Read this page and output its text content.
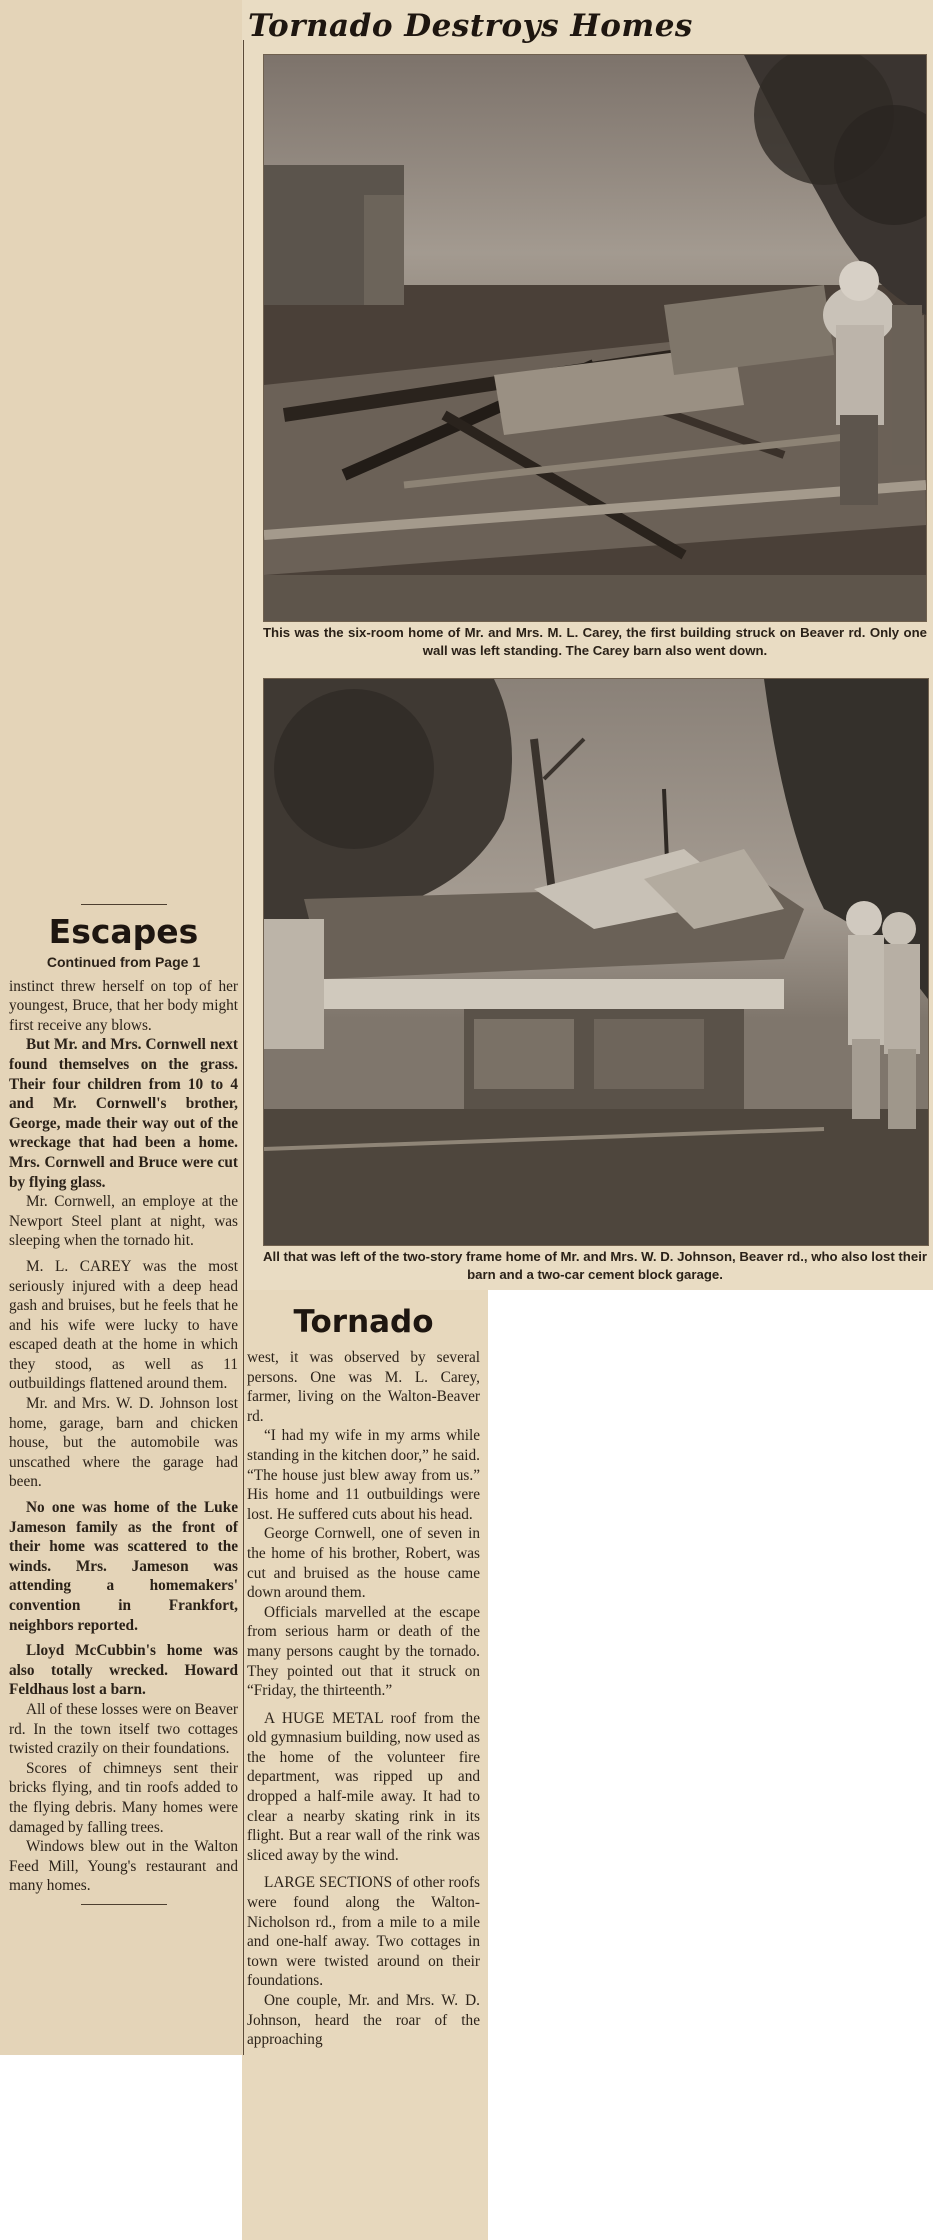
Tornado Destroys Homes

This was the six-room home of Mr. and Mrs. M. L. Carey, the first building struck on Beaver rd. Only one wall was left standing. The Carey barn also went down.

All that was left of the two-story frame home of Mr. and Mrs. W. D. Johnson, Beaver rd., who also lost their barn and a two-car cement block garage.

Escapes
Continued from Page 1

instinct threw herself on top of her youngest, Bruce, that her body might first receive any blows.

But Mr. and Mrs. Cornwell next found themselves on the grass. Their four children from 10 to 4 and Mr. Cornwell's brother, George, made their way out of the wreckage that had been a home. Mrs. Cornwell and Bruce were cut by flying glass.

Mr. Cornwell, an employe at the Newport Steel plant at night, was sleeping when the tornado hit.

M. L. CAREY was the most seriously injured with a deep head gash and bruises, but he feels that he and his wife were lucky to have escaped death at the home in which they stood, as well as 11 outbuildings flattened around them.

Mr. and Mrs. W. D. Johnson lost home, garage, barn and chicken house, but the automobile was unscathed where the garage had been.

No one was home of the Luke Jameson family as the front of their home was scattered to the winds. Mrs. Jameson was attending a homemakers' convention in Frankfort, neighbors reported.

Lloyd McCubbin's home was also totally wrecked. Howard Feldhaus lost a barn.

All of these losses were on Beaver rd. In the town itself two cottages twisted crazily on their foundations.

Scores of chimneys sent their bricks flying, and tin roofs added to the flying debris. Many homes were damaged by falling trees.

Windows blew out in the Walton Feed Mill, Young's restaurant and many homes.

Tornado

west, it was observed by several persons. One was M. L. Carey, farmer, living on the Walton-Beaver rd.

“I had my wife in my arms while standing in the kitchen door,” he said. “The house just blew away from us.” His home and 11 outbuildings were lost. He suffered cuts about his head.

George Cornwell, one of seven in the home of his brother, Robert, was cut and bruised as the house came down around them.

Officials marvelled at the escape from serious harm or death of the many persons caught by the tornado. They pointed out that it struck on “Friday, the thirteenth.”

A HUGE METAL roof from the old gymnasium building, now used as the home of the volunteer fire department, was ripped up and dropped a half-mile away. It had to clear a nearby skating rink in its flight. But a rear wall of the rink was sliced away by the wind.

LARGE SECTIONS of other roofs were found along the Walton-Nicholson rd., from a mile to a mile and one-half away. Two cottages in town were twisted around on their foundations.

One couple, Mr. and Mrs. W. D. Johnson, heard the roar of the approaching
